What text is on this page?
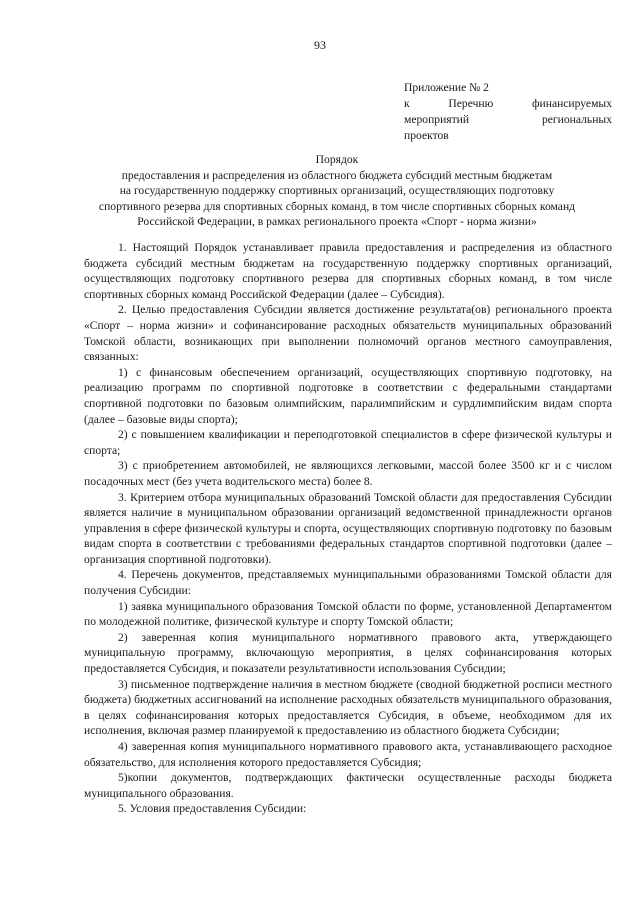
93
Приложение № 2
к Перечню финансируемых
мероприятий региональных
проектов
Порядок
предоставления и распределения из областного бюджета субсидий местным бюджетам
на государственную поддержку спортивных организаций, осуществляющих подготовку
спортивного резерва для спортивных сборных команд, в том числе спортивных сборных команд
Российской Федерации, в рамках регионального проекта «Спорт - норма жизни»

1. Настоящий Порядок устанавливает правила предоставления и распределения из областного бюджета субсидий местным бюджетам на государственную поддержку спортивных организаций, осуществляющих подготовку спортивного резерва для спортивных сборных команд, в том числе спортивных сборных команд Российской Федерации (далее – Субсидия).

2. Целью предоставления Субсидии является достижение результата(ов) регионального проекта «Спорт – норма жизни» и софинансирование расходных обязательств муниципальных образований Томской области, возникающих при выполнении полномочий органов местного самоуправления, связанных:

1) с финансовым обеспечением организаций, осуществляющих спортивную подготовку, на реализацию программ по спортивной подготовке в соответствии с федеральными стандартами спортивной подготовки по базовым олимпийским, паралимпийским и сурдлимпийским видам спорта (далее – базовые виды спорта);

2) с повышением квалификации и переподготовкой специалистов в сфере физической культуры и спорта;

3) с приобретением автомобилей, не являющихся легковыми, массой более 3500 кг и с числом посадочных мест (без учета водительского места) более 8.

3. Критерием отбора муниципальных образований Томской области для предоставления Субсидии является наличие в муниципальном образовании организаций ведомственной принадлежности органов управления в сфере физической культуры и спорта, осуществляющих спортивную подготовку по базовым видам спорта в соответствии с требованиями федеральных стандартов спортивной подготовки (далее – организация спортивной подготовки).

4. Перечень документов, представляемых муниципальными образованиями Томской области для получения Субсидии:

1) заявка муниципального образования Томской области по форме, установленной Департаментом по молодежной политике, физической культуре и спорту Томской области;

2) заверенная копия муниципального нормативного правового акта, утверждающего муниципальную программу, включающую мероприятия, в целях софинансирования которых предоставляется Субсидия, и показатели результативности использования Субсидии;

3) письменное подтверждение наличия в местном бюджете (сводной бюджетной росписи местного бюджета) бюджетных ассигнований на исполнение расходных обязательств муниципального образования, в целях софинансирования которых предоставляется Субсидия, в объеме, необходимом для их исполнения, включая размер планируемой к предоставлению из областного бюджета Субсидии;

4) заверенная копия муниципального нормативного правового акта, устанавливающего расходное обязательство, для исполнения которого предоставляется Субсидия;

5)копии документов, подтверждающих фактически осуществленные расходы бюджета муниципального образования.

5. Условия предоставления Субсидии:
